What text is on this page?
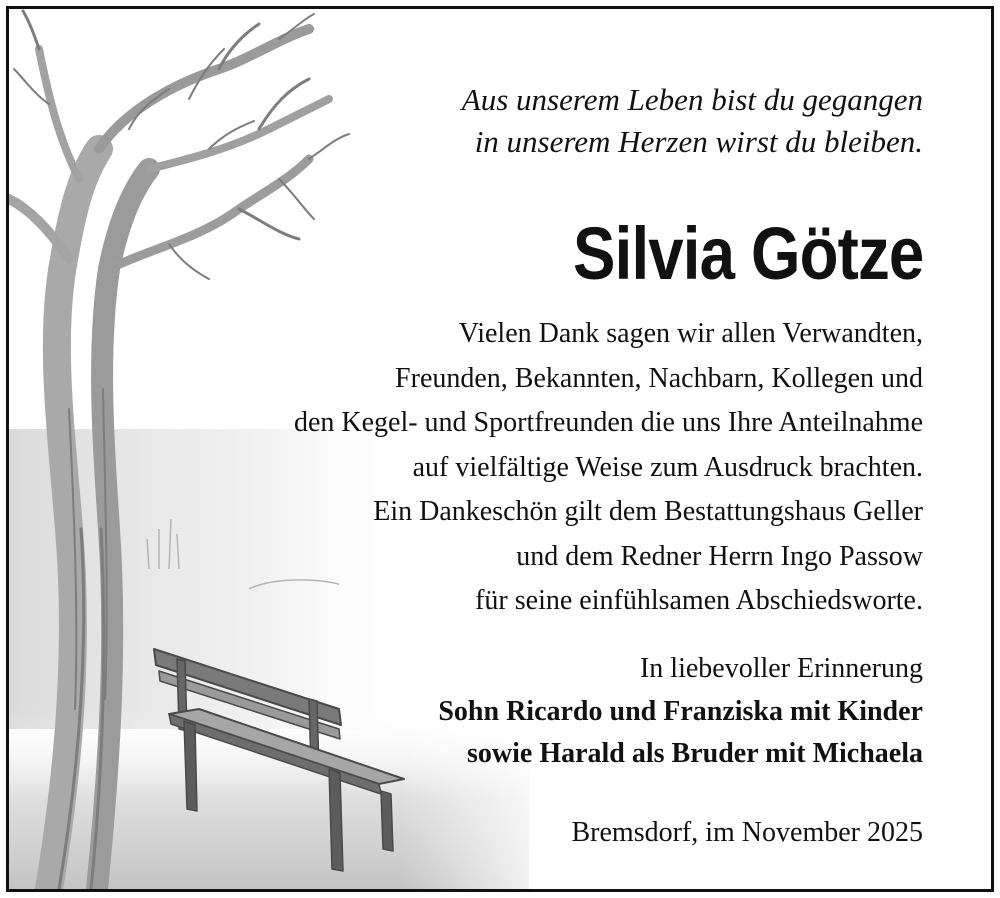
Aus unserem Leben bist du gegangen
in unserem Herzen wirst du bleiben.
Silvia Götze
Vielen Dank sagen wir allen Verwandten,
Freunden, Bekannten, Nachbarn, Kollegen und
den Kegel- und Sportfreunden die uns Ihre Anteilnahme
auf vielfältige Weise zum Ausdruck brachten.
Ein Dankeschön gilt dem Bestattungshaus Geller
und dem Redner Herrn Ingo Passow
für seine einfühlsamen Abschiedsworte.
In liebevoller Erinnerung
Sohn Ricardo und Franziska mit Kinder
sowie Harald als Bruder mit Michaela
Bremsdorf, im November 2025
